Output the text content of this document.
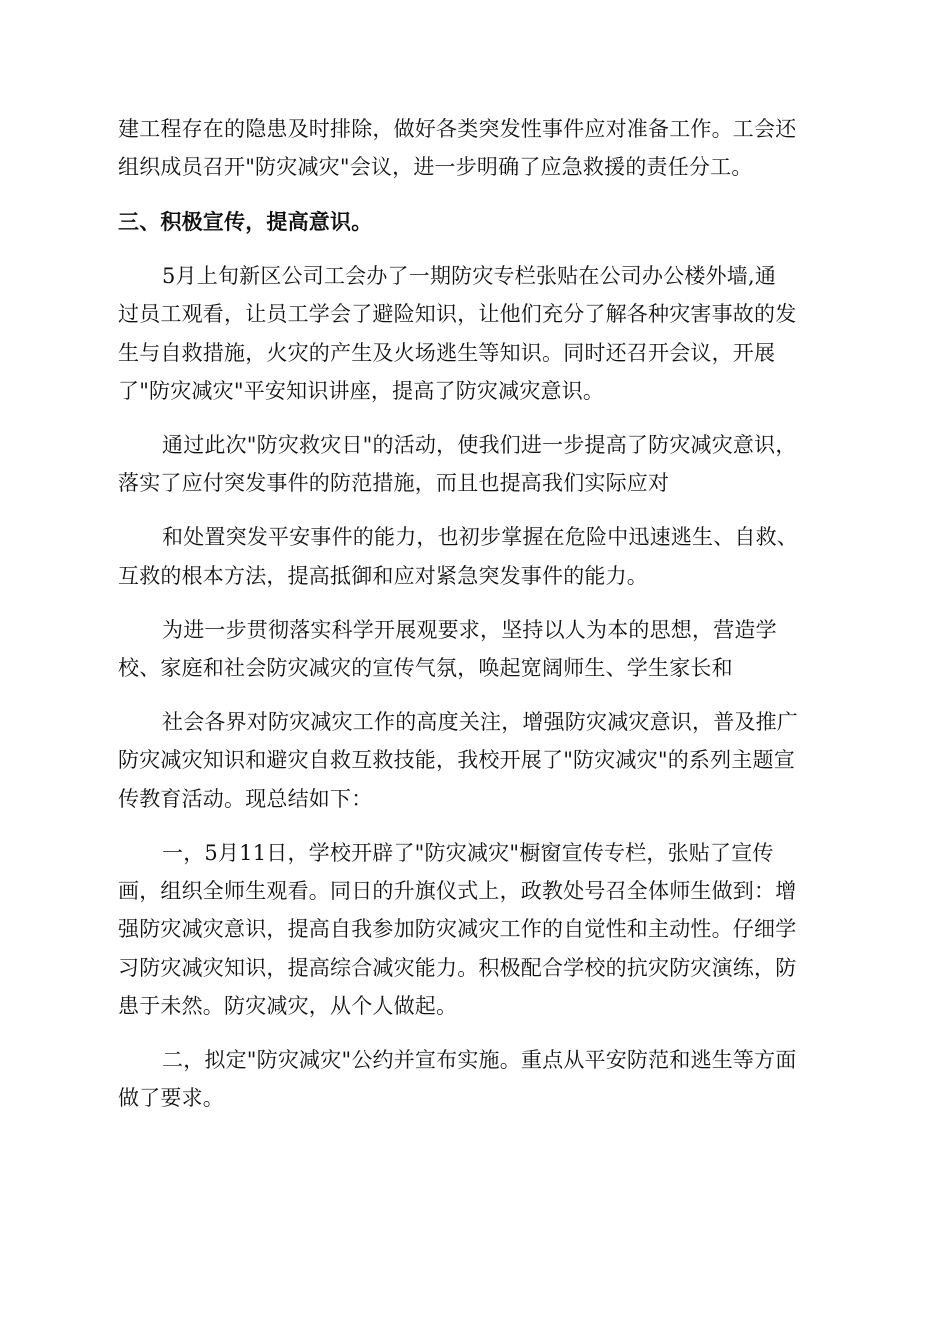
建工程存在的隐患及时排除，做好各类突发性事件应对准备工作。工会还
组织成员召开"防灾减灾"会议，进一步明确了应急救援的责任分工。
三、积极宣传，提高意识。
5月上旬新区公司工会办了一期防灾专栏张贴在公司办公楼外墙,通
过员工观看，让员工学会了避险知识，让他们充分了解各种灾害事故的发
生与自救措施，火灾的产生及火场逃生等知识。同时还召开会议，开展
了"防灾减灾"平安知识讲座，提高了防灾减灾意识。
通过此次"防灾救灾日"的活动，使我们进一步提高了防灾减灾意识，
落实了应付突发事件的防范措施，而且也提高我们实际应对
和处置突发平安事件的能力，也初步掌握在危险中迅速逃生、自救、
互救的根本方法，提高抵御和应对紧急突发事件的能力。
为进一步贯彻落实科学开展观要求，坚持以人为本的思想，营造学
校、家庭和社会防灾减灾的宣传气氛，唤起宽阔师生、学生家长和
社会各界对防灾减灾工作的高度关注，增强防灾减灾意识，普及推广
防灾减灾知识和避灾自救互救技能，我校开展了"防灾减灾"的系列主题宣
传教育活动。现总结如下：
一，5月11日，学校开辟了"防灾减灾"橱窗宣传专栏，张贴了宣传
画，组织全师生观看。同日的升旗仪式上，政教处号召全体师生做到：增
强防灾减灾意识，提高自我参加防灾减灾工作的自觉性和主动性。仔细学
习防灾减灾知识，提高综合减灾能力。积极配合学校的抗灾防灾演练，防
患于未然。防灾减灾，从个人做起。
二，拟定"防灾减灾"公约并宣布实施。重点从平安防范和逃生等方面
做了要求。
